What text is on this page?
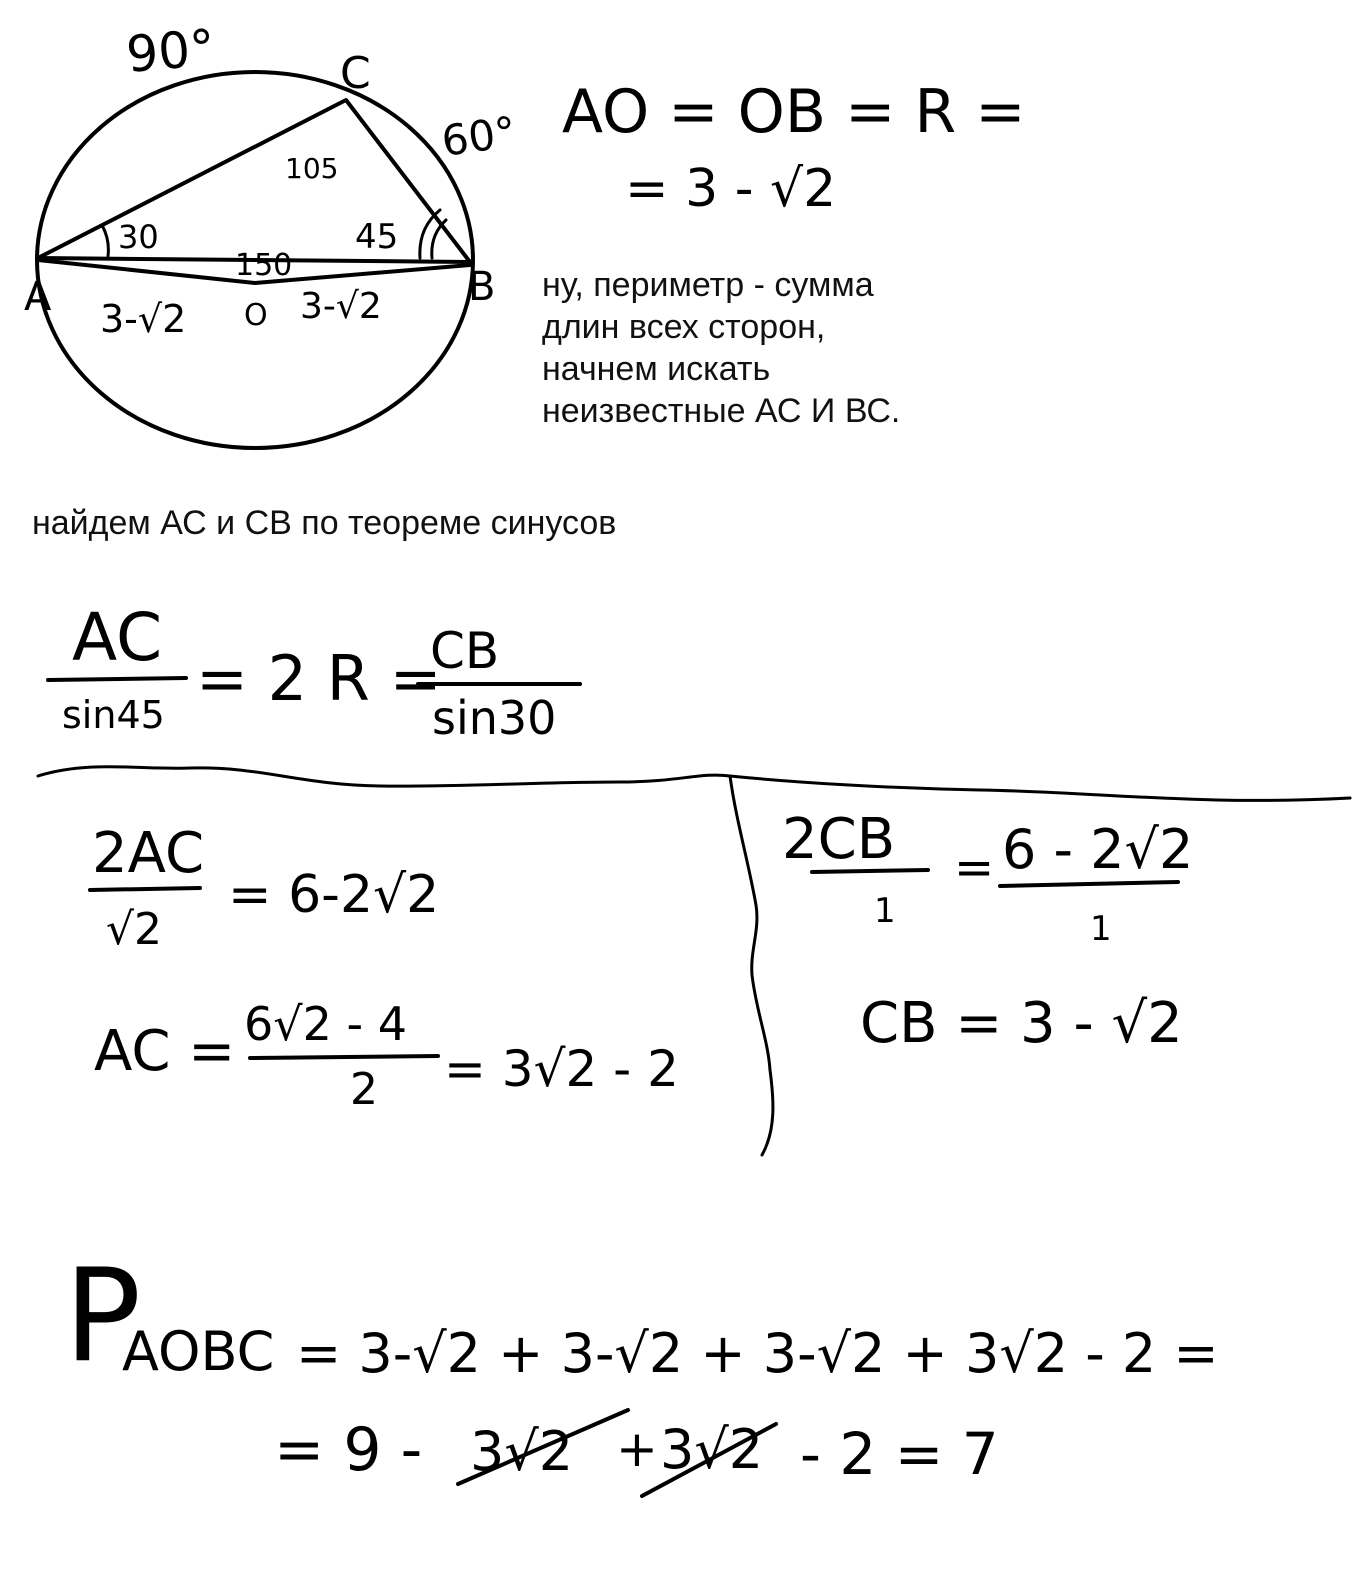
90°
60°
C
105
30	45
150
A	B
O
3-√2	3-√2
AO = OB = R =
= 3 - √2
AC
sin45 = 2 R =
CB
sin30
2AC
√2
= 6-2√2
AC = 6√2 - 4
2 = 3√2 - 2
2CB
1
= 6 - 2√2
1
CB = 3 - √2
P
AOBC = 3-√2 + 3-√2 + 3-√2 + 3√2 - 2 =
= 9 - 3√2 + 3√2 - 2 = 7

ну, периметр - сумма

длин всех сторон,

начнем искать

неизвестные АС И ВС.

найдем АС и СВ по теореме синусов
